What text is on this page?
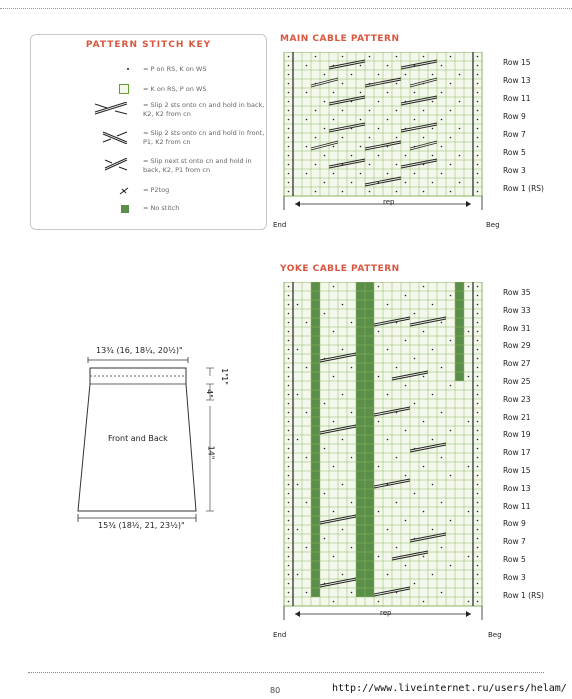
= P on RS, K on WS
= K on RS, P on WS
= Slip 2 sts onto cn and hold in back, K2, K2 from cn
= Slip 2 sts onto cn and hold in front, P1, K2 from cn
= Slip next st onto cn and hold in back, K2, P1 from cn
= P2tog
= No stitch
PATTERN STITCH KEY
MAIN CABLE PATTERN
Row 15
Row 13
Row 11
Row 9
Row 7
Row 5
Row 3
Row 1 (RS)
End	Beg
rep
YOKE CABLE PATTERN
Row 35
Row 33
Row 31
Row 29
Row 27
Row 25
Row 23
Row 21
Row 19
Row 17
Row 15
Row 13
Row 11
Row 9
Row 7
Row 5
Row 3
Row 1 (RS)
End	Beg
rep
13¾ (16, 18¼, 20½)"
Front and Back
1"
1"
4"
14"
15¾ (18½, 21, 23½)"
80	http://www.liveinternet.ru/users/helam/
